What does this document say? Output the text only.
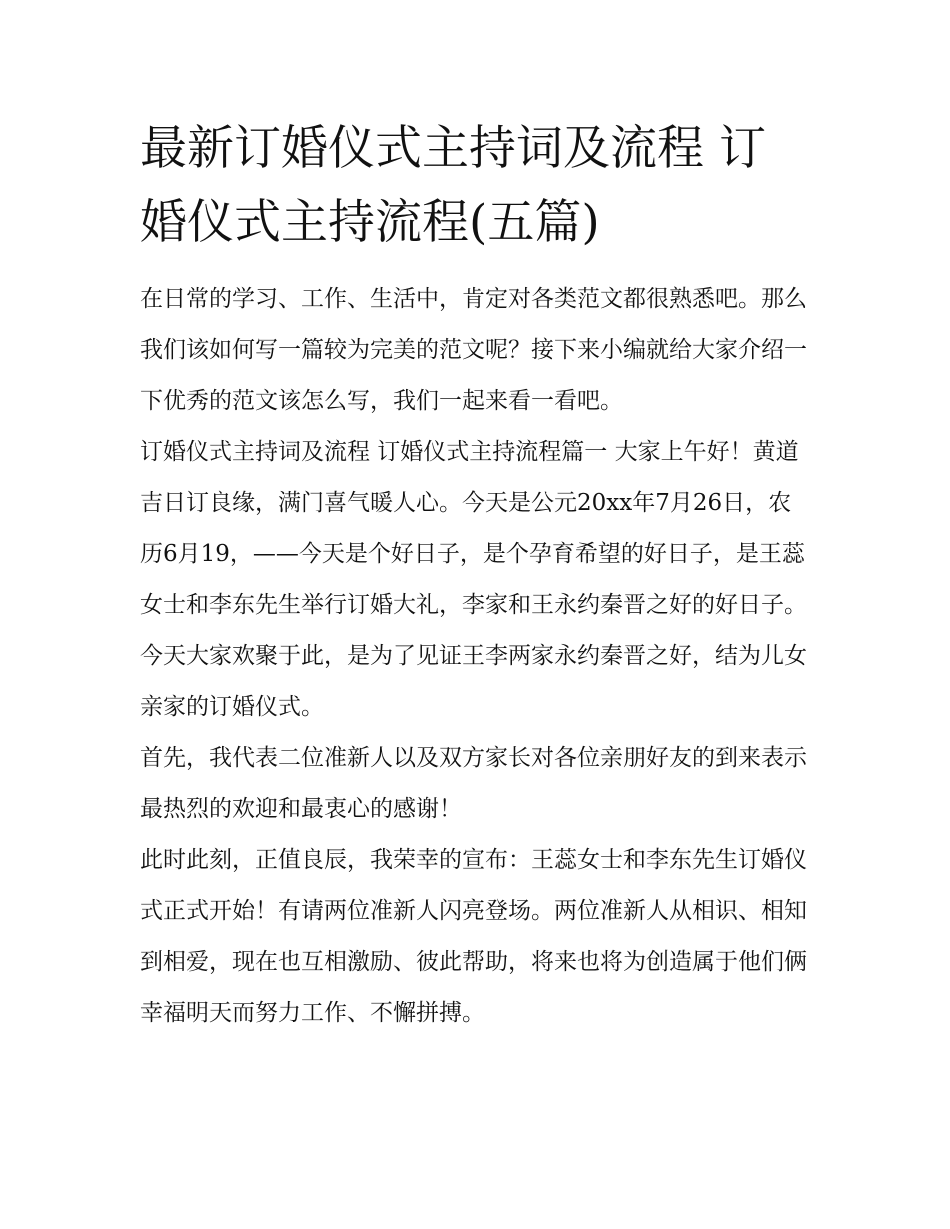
最新订婚仪式主持词及流程 订婚仪式主持流程(五篇)

在日常的学习、工作、生活中，肯定对各类范文都很熟悉吧。那么我们该如何写一篇较为完美的范文呢？接下来小编就给大家介绍一下优秀的范文该怎么写，我们一起来看一看吧。

订婚仪式主持词及流程 订婚仪式主持流程篇一 大家上午好！黄道吉日订良缘，满门喜气暖人心。今天是公元20xx年7月26日，农历6月19，——今天是个好日子，是个孕育希望的好日子，是王蕊女士和李东先生举行订婚大礼，李家和王永约秦晋之好的好日子。

今天大家欢聚于此，是为了见证王李两家永约秦晋之好，结为儿女亲家的订婚仪式。

首先，我代表二位准新人以及双方家长对各位亲朋好友的到来表示最热烈的欢迎和最衷心的感谢！

此时此刻，正值良辰，我荣幸的宣布：王蕊女士和李东先生订婚仪式正式开始！有请两位准新人闪亮登场。两位准新人从相识、相知到相爱，现在也互相激励、彼此帮助，将来也将为创造属于他们俩幸福明天而努力工作、不懈拼搏。
